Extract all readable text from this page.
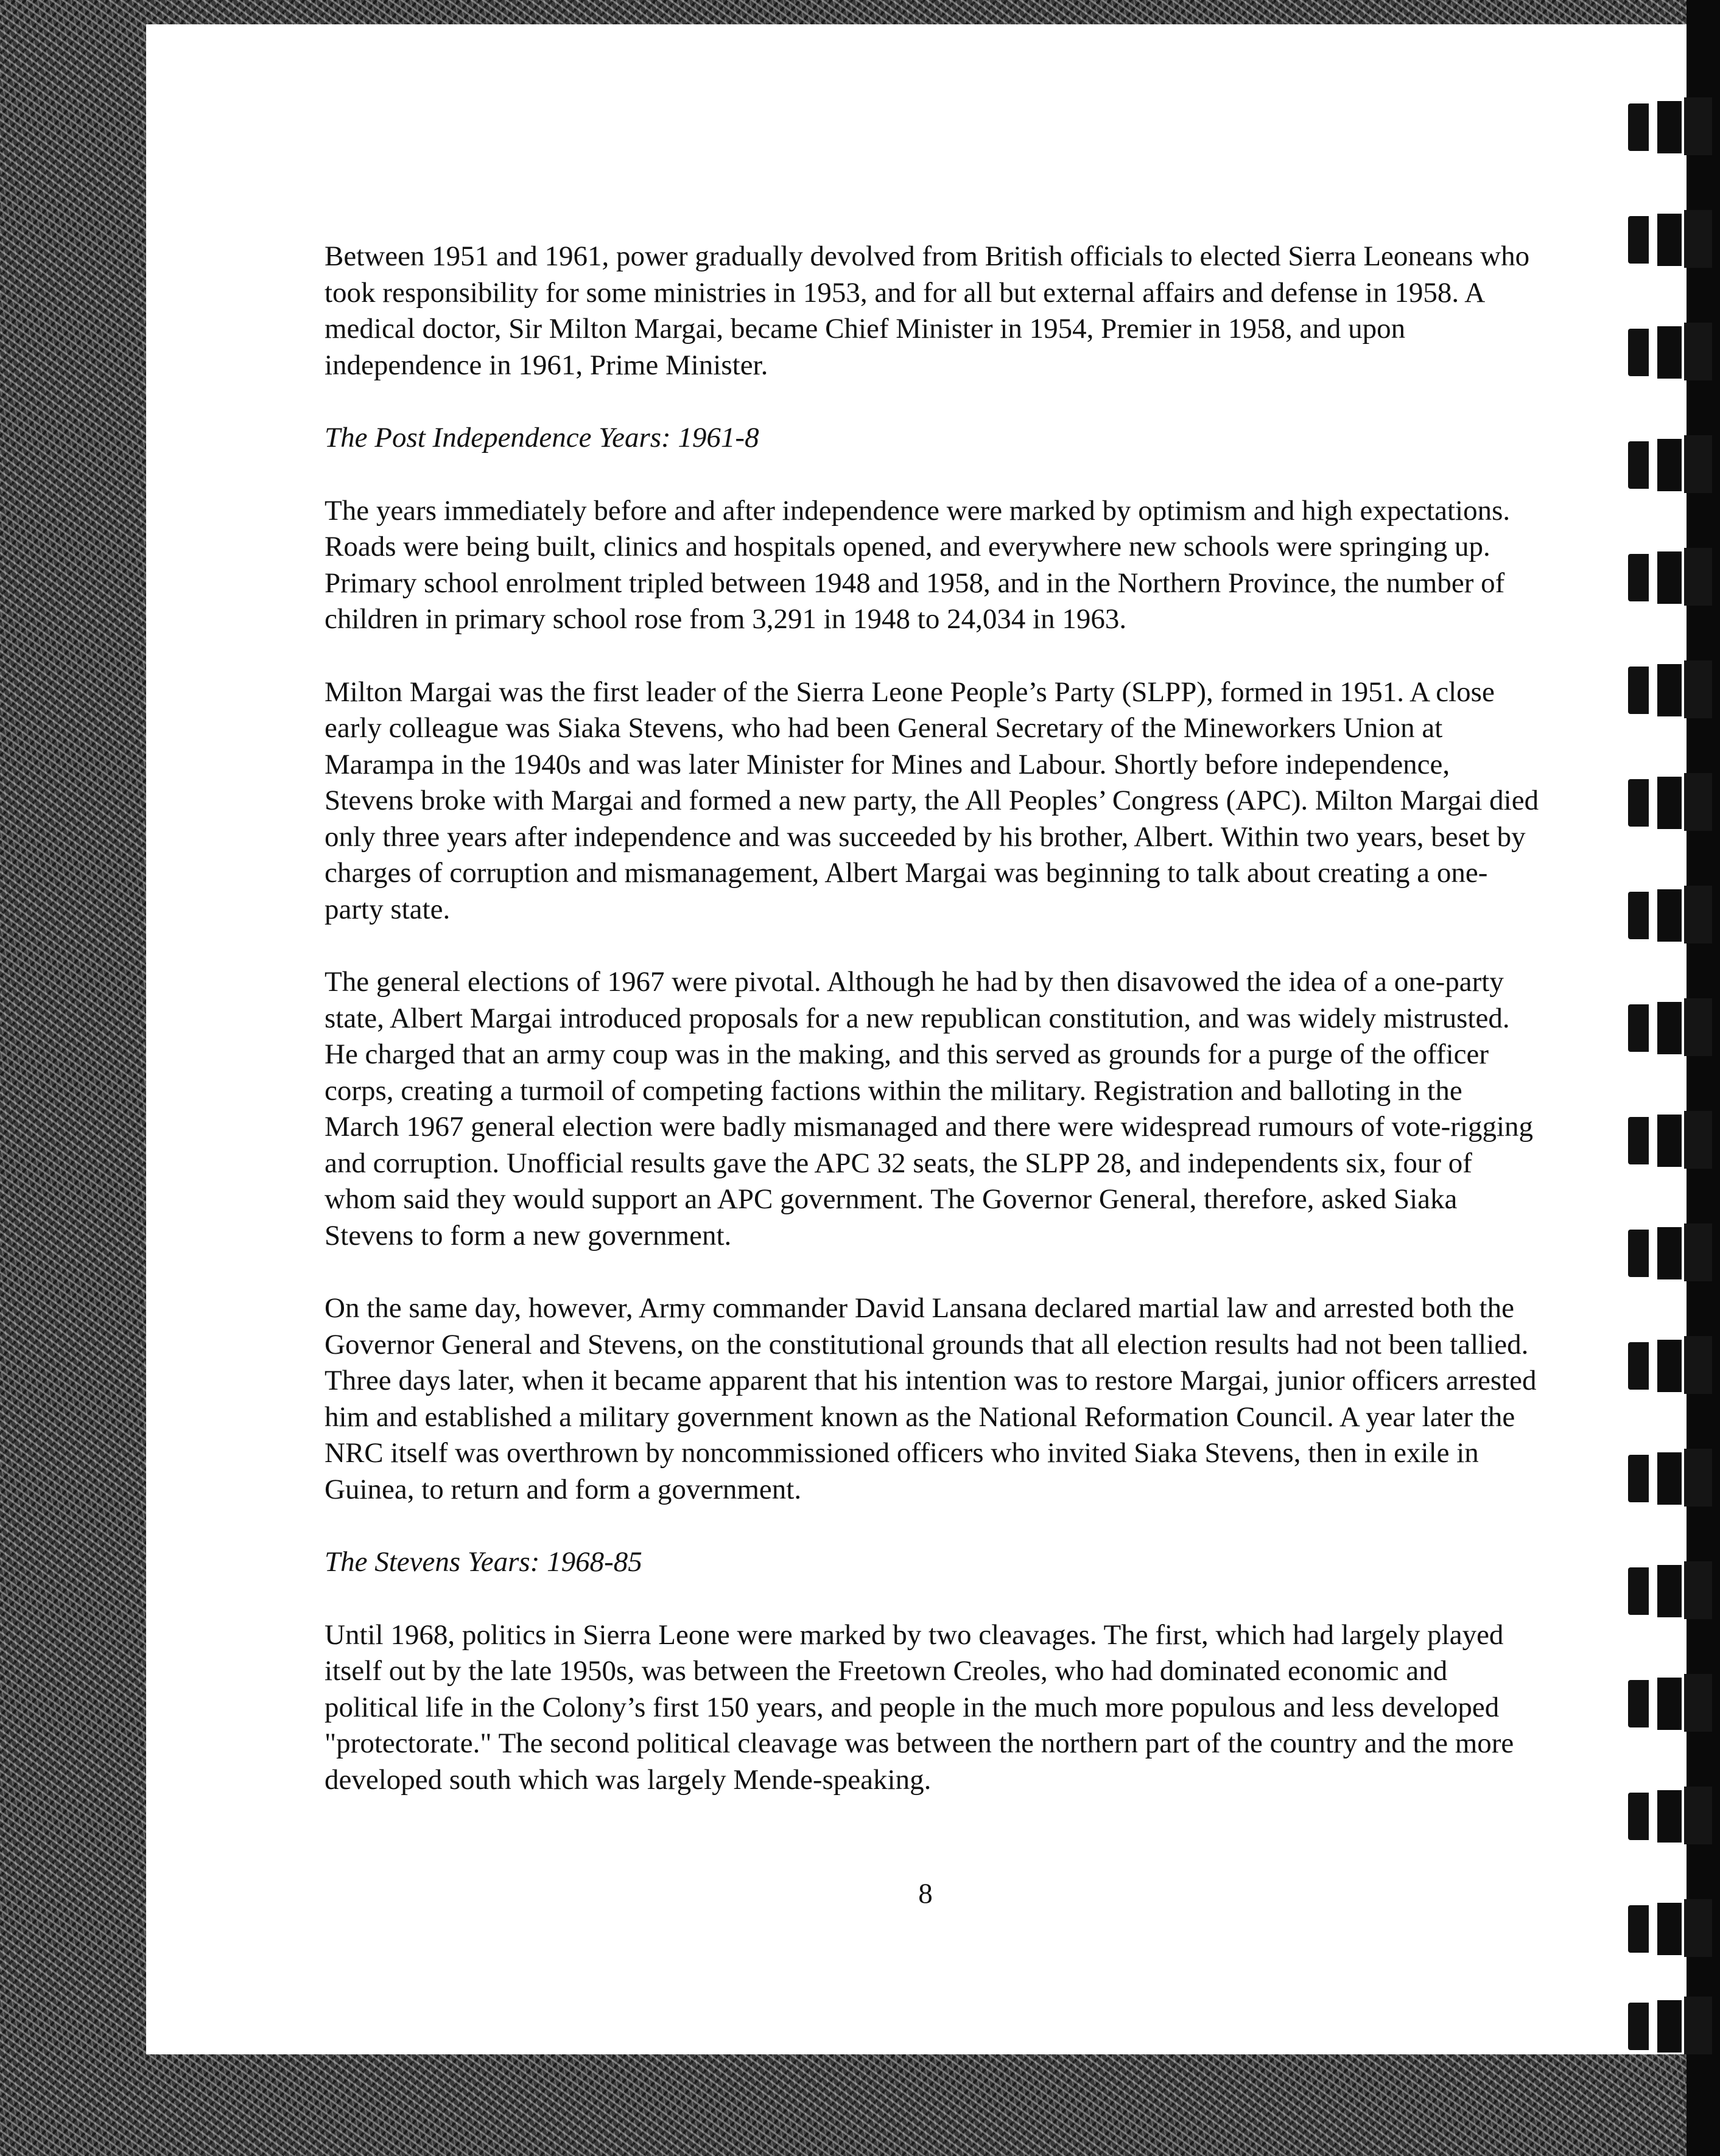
Between 1951 and 1961, power gradually devolved from British officials to elected Sierra Leoneans who took responsibility for some ministries in 1953, and for all but external affairs and defense in 1958. A medical doctor, Sir Milton Margai, became Chief Minister in 1954, Premier in 1958, and upon independence in 1961, Prime Minister.

The Post Independence Years: 1961-8

The years immediately before and after independence were marked by optimism and high expectations. Roads were being built, clinics and hospitals opened, and everywhere new schools were springing up. Primary school enrolment tripled between 1948 and 1958, and in the Northern Province, the number of children in primary school rose from 3,291 in 1948 to 24,034 in 1963.

Milton Margai was the first leader of the Sierra Leone People’s Party (SLPP), formed in 1951. A close early colleague was Siaka Stevens, who had been General Secretary of the Mineworkers Union at Marampa in the 1940s and was later Minister for Mines and Labour. Shortly before independence, Stevens broke with Margai and formed a new party, the All Peoples’ Congress (APC). Milton Margai died only three years after independence and was succeeded by his brother, Albert. Within two years, beset by charges of corruption and mismanagement, Albert Margai was beginning to talk about creating a one-party state.

The general elections of 1967 were pivotal. Although he had by then disavowed the idea of a one-party state, Albert Margai introduced proposals for a new republican constitution, and was widely mistrusted. He charged that an army coup was in the making, and this served as grounds for a purge of the officer corps, creating a turmoil of competing factions within the military. Registration and balloting in the March 1967 general election were badly mismanaged and there were widespread rumours of vote-rigging and corruption. Unofficial results gave the APC 32 seats, the SLPP 28, and independents six, four of whom said they would support an APC government. The Governor General, therefore, asked Siaka Stevens to form a new government.

On the same day, however, Army commander David Lansana declared martial law and arrested both the Governor General and Stevens, on the constitutional grounds that all election results had not been tallied. Three days later, when it became apparent that his intention was to restore Margai, junior officers arrested him and established a military government known as the National Reformation Council. A year later the NRC itself was overthrown by noncommissioned officers who invited Siaka Stevens, then in exile in Guinea, to return and form a government.

The Stevens Years: 1968-85

Until 1968, politics in Sierra Leone were marked by two cleavages. The first, which had largely played itself out by the late 1950s, was between the Freetown Creoles, who had dominated economic and political life in the Colony’s first 150 years, and people in the much more populous and less developed "protectorate." The second political cleavage was between the northern part of the country and the more developed south which was largely Mende-speaking.

8
